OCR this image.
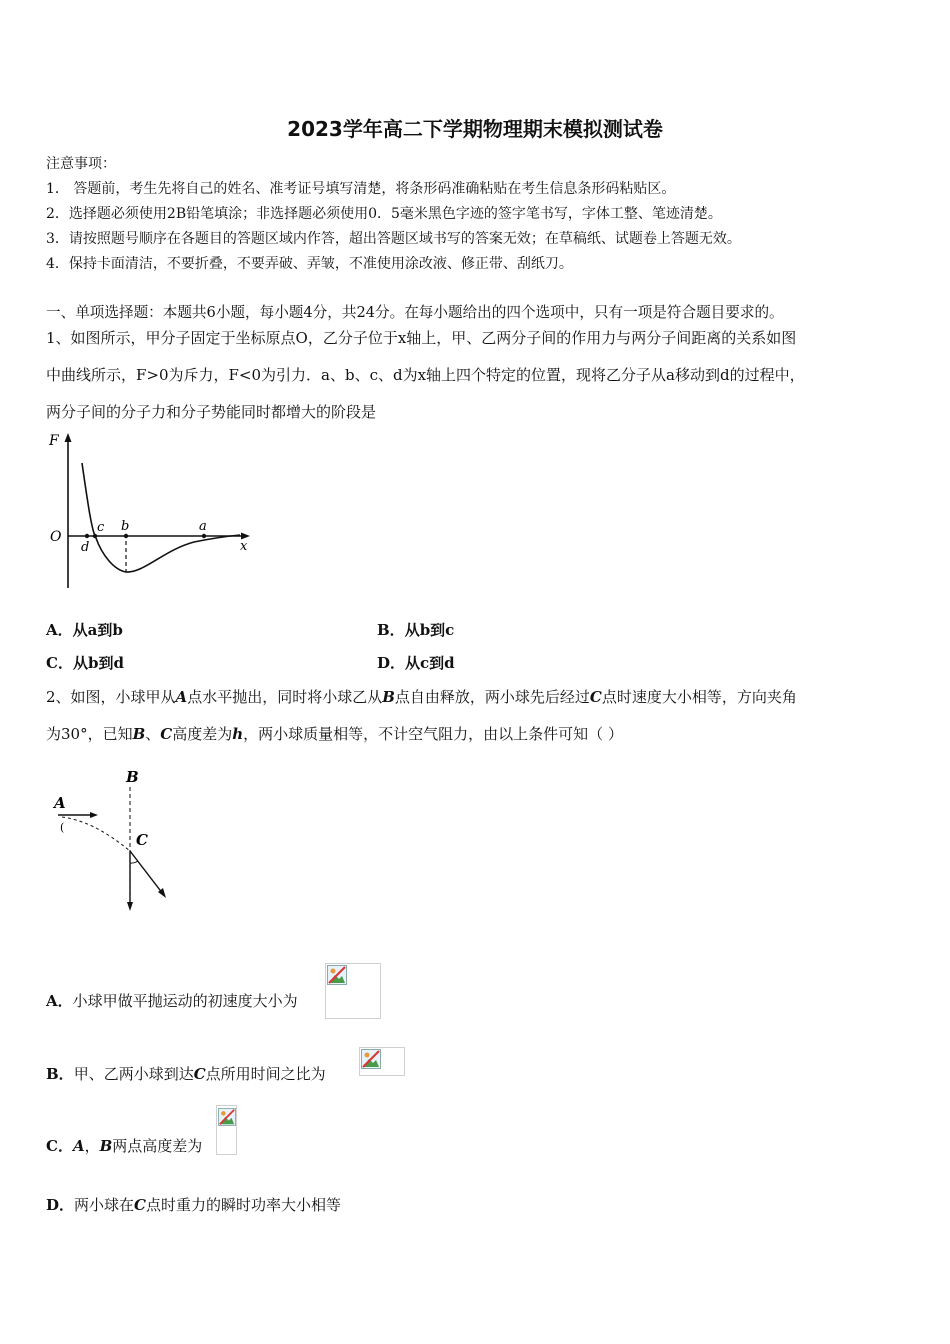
2023学年高二下学期物理期末模拟测试卷
注意事项：
1． 答题前，考生先将自己的姓名、准考证号填写清楚，将条形码准确粘贴在考生信息条形码粘贴区。
2．选择题必须使用2B铅笔填涂；非选择题必须使用0．5毫米黑色字迹的签字笔书写，字体工整、笔迹清楚。
3．请按照题号顺序在各题目的答题区域内作答，超出答题区域书写的答案无效；在草稿纸、试题卷上答题无效。
4．保持卡面清洁，不要折叠，不要弄破、弄皱，不准使用涂改液、修正带、刮纸刀。
一、单项选择题：本题共6小题，每小题4分，共24分。在每小题给出的四个选项中，只有一项是符合题目要求的。
1、如图所示，甲分子固定于坐标原点O，乙分子位于x轴上，甲、乙两分子间的作用力与两分子间距离的关系如图
中曲线所示，F>0为斥力，F<0为引力．a、b、c、d为x轴上四个特定的位置，现将乙分子从a移动到d的过程中，
两分子间的分子力和分子势能同时都增大的阶段是
F
O
x
d
c b	a
A．从a到b	B．从b到c
C．从b到d	D．从c到d
2、如图，小球甲从A点水平抛出，同时将小球乙从B点自由释放，两小球先后经过C点时速度大小相等，方向夹角
为30°，已知B、C高度差为h，两小球质量相等，不计空气阻力，由以上条件可知（ ）
(
A
B
C
A．小球甲做平抛运动的初速度大小为
B．甲、乙两小球到达C点所用时间之比为
C．A，B两点高度差为
D．两小球在C点时重力的瞬时功率大小相等
